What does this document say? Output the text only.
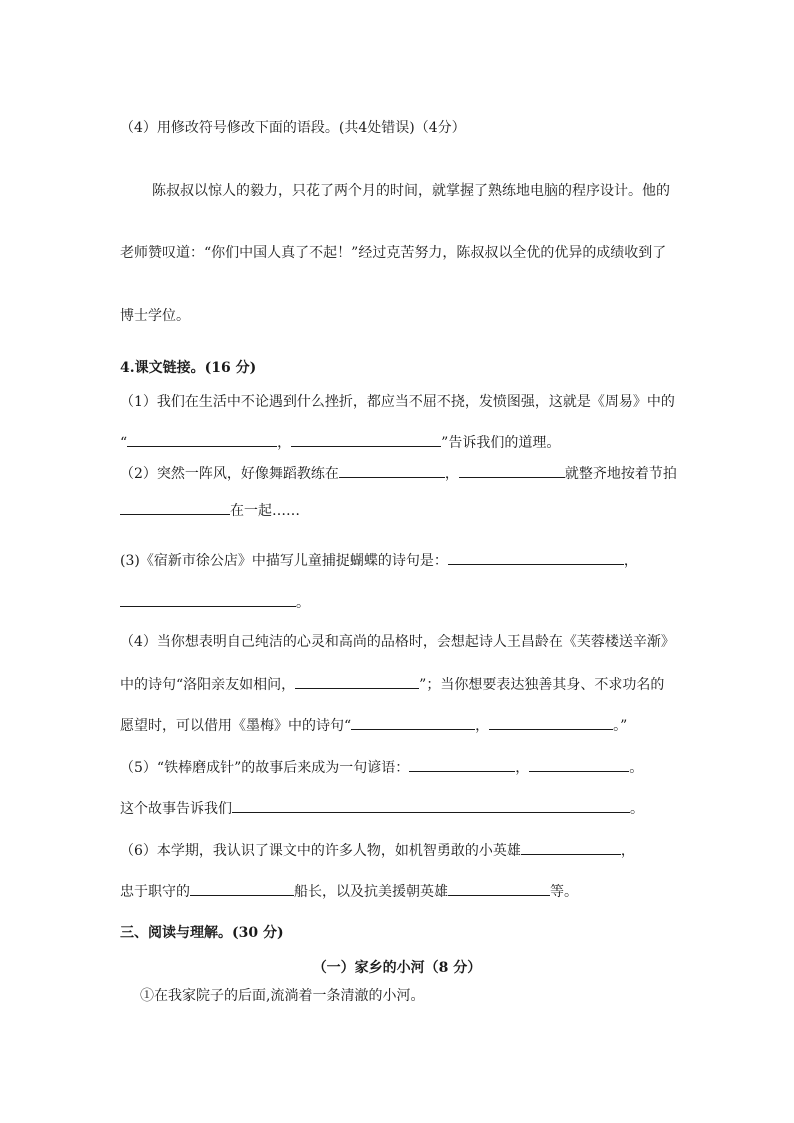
（4）用修改符号修改下面的语段。(共4处错误)（4分）
陈叔叔以惊人的毅力，只花了两个月的时间，就掌握了熟练地电脑的程序设计。他的
老师赞叹道：“你们中国人真了不起！”经过克苦努力，陈叔叔以全优的优异的成绩收到了
博士学位。
4.课文链接。(16 分)
（1）我们在生活中不论遇到什么挫折，都应当不屈不挠，发愤图强，这就是《周易》中的
“	，	”告诉我们的道理。
（2）突然一阵风，好像舞蹈教练在	，	就整齐地按着节拍
在一起……
(3)《宿新市徐公店》中描写儿童捕捉蝴蝶的诗句是：	，
。
（4）当你想表明自己纯洁的心灵和高尚的品格时，会想起诗人王昌龄在《芙蓉楼送辛渐》
中的诗句“洛阳亲友如相问，	”；当你想要表达独善其身、不求功名的
愿望时，可以借用《墨梅》中的诗句“	，	。”
（5）“铁棒磨成针”的故事后来成为一句谚语：	，	。
这个故事告诉我们	。
（6）本学期，我认识了课文中的许多人物，如机智勇敢的小英雄	，
忠于职守的	船长，以及抗美援朝英雄	等。
三、阅读与理解。(30 分)
（一）家乡的小河（8 分）
①在我家院子的后面,流淌着一条清澈的小河。
